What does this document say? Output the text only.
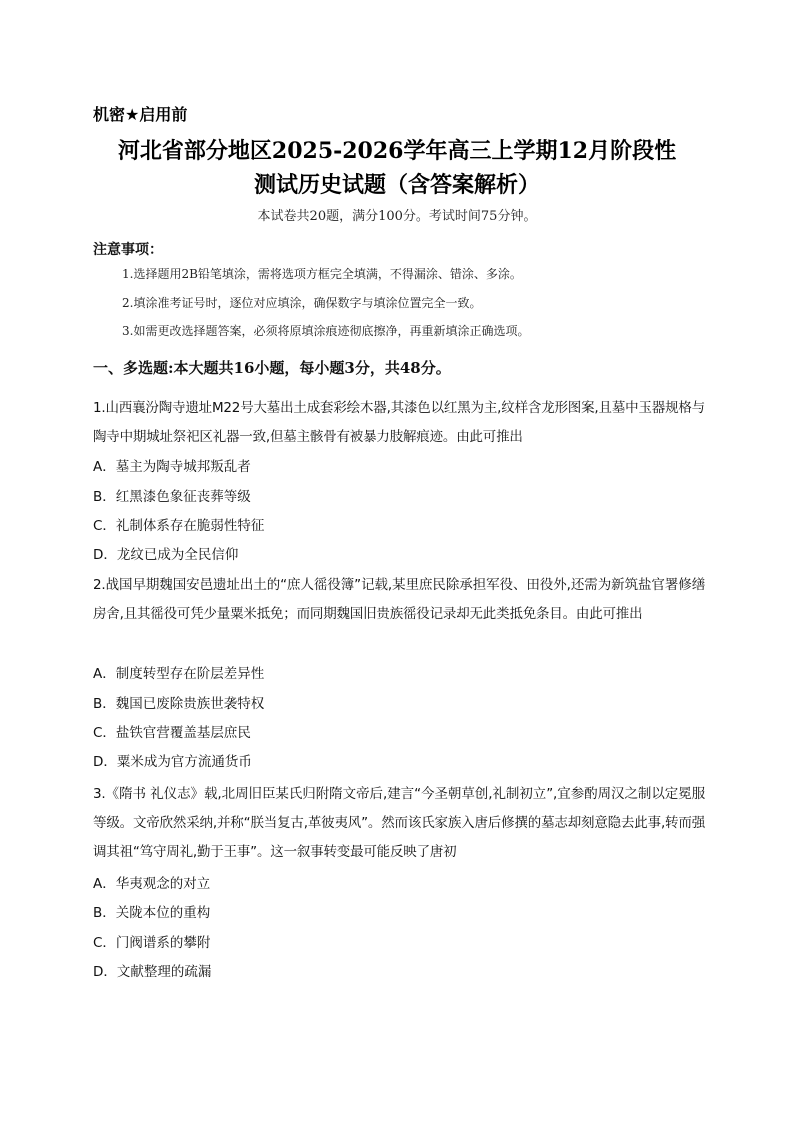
机密★启用前
河北省部分地区2025-2026学年高三上学期12月阶段性
测试历史试题（含答案解析）
本试卷共20题，满分100分。考试时间75分钟。
注意事项：
1.选择题用2B铅笔填涂，需将选项方框完全填满，不得漏涂、错涂、多涂。
2.填涂准考证号时，逐位对应填涂，确保数字与填涂位置完全一致。
3.如需更改选择题答案，必须将原填涂痕迹彻底擦净，再重新填涂正确选项。
一、多选题:本大题共16小题，每小题3分，共48分。
1.山西襄汾陶寺遗址M22号大墓出土成套彩绘木器,其漆色以红黑为主,纹样含龙形图案,且墓中玉器规格与陶寺中期城址祭祀区礼器一致,但墓主骸骨有被暴力肢解痕迹。由此可推出
A．墓主为陶寺城邦叛乱者
B．红黑漆色象征丧葬等级
C．礼制体系存在脆弱性特征
D．龙纹已成为全民信仰
2.战国早期魏国安邑遗址出土的“庶人徭役簿”记载,某里庶民除承担军役、田役外,还需为新筑盐官署修缮房舍,且其徭役可凭少量粟米抵免；而同期魏国旧贵族徭役记录却无此类抵免条目。由此可推出
A．制度转型存在阶层差异性
B．魏国已废除贵族世袭特权
C．盐铁官营覆盖基层庶民
D．粟米成为官方流通货币
3.《隋书 礼仪志》载,北周旧臣某氏归附隋文帝后,建言“今圣朝草创,礼制初立”,宜参酌周汉之制以定冕服等级。文帝欣然采纳,并称“朕当复古,革彼夷风”。然而该氏家族入唐后修撰的墓志却刻意隐去此事,转而强调其祖“笃守周礼,勤于王事”。这一叙事转变最可能反映了唐初
A．华夷观念的对立
B．关陇本位的重构
C．门阀谱系的攀附
D．文献整理的疏漏
